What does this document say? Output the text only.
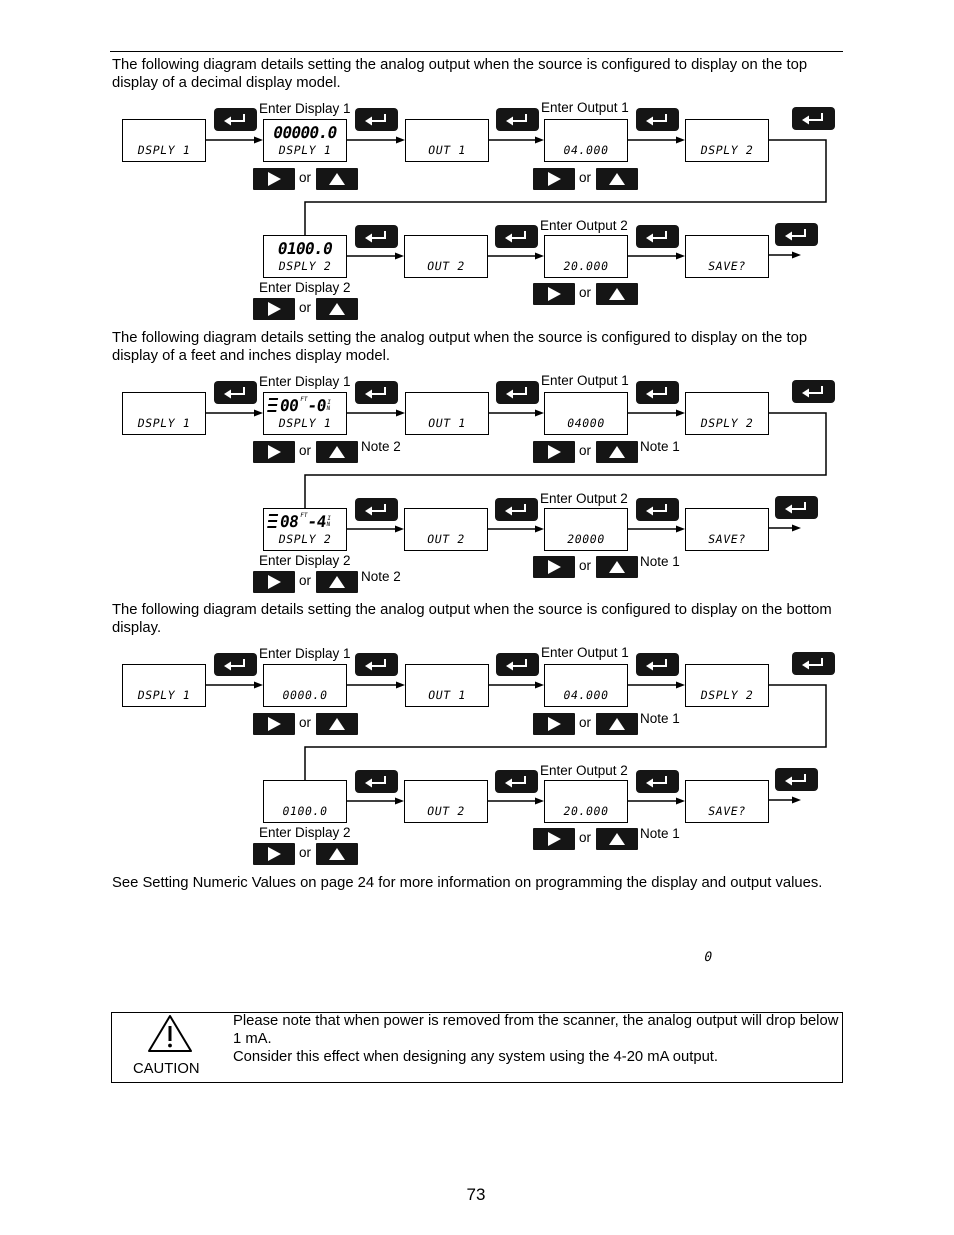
The following diagram details setting the analog output when the source is configured to display on the top display of a decimal display model.
The following diagram details setting the analog output when the source is configured to display on the top display of a feet and inches display model.
The following diagram details setting the analog output when the source is configured to display on the bottom display.
See Setting Numeric Values on page 24 for more information on programming the display and output values.
DSPLY 1
00000.0
DSPLY 1	OUT 1	04.000	DSPLY 2
0100.0
DSPLY 2	OUT 2	20.000	SAVE?
Enter Display 1	Enter Output 1
Enter Output 2
Enter Display 2
or	or
or
or
DSPLY 1
00 FT
-
0 IN
DSPLY 1	OUT 1	04000	DSPLY 2
08 FT
-
4 IN
DSPLY 2	OUT 2	20000	SAVE?
Enter Display 1	Enter Output 1
Enter Output 2
Enter Display 2
or	Note 2	or	Note 1
or	Note 2
or	Note 1
DSPLY 1	0000.0	OUT 1	04.000	DSPLY 2
0100.0	OUT 2	20.000	SAVE?
Enter Display 1	Enter Output 1
Enter Output 2
Enter Display 2
or	or	Note 1
or
or	Note 1
0
CAUTION
Please note that when power is removed from the scanner, the analog output will drop below 1 mA.
Consider this effect when designing any system using the 4-20 mA output.
73
